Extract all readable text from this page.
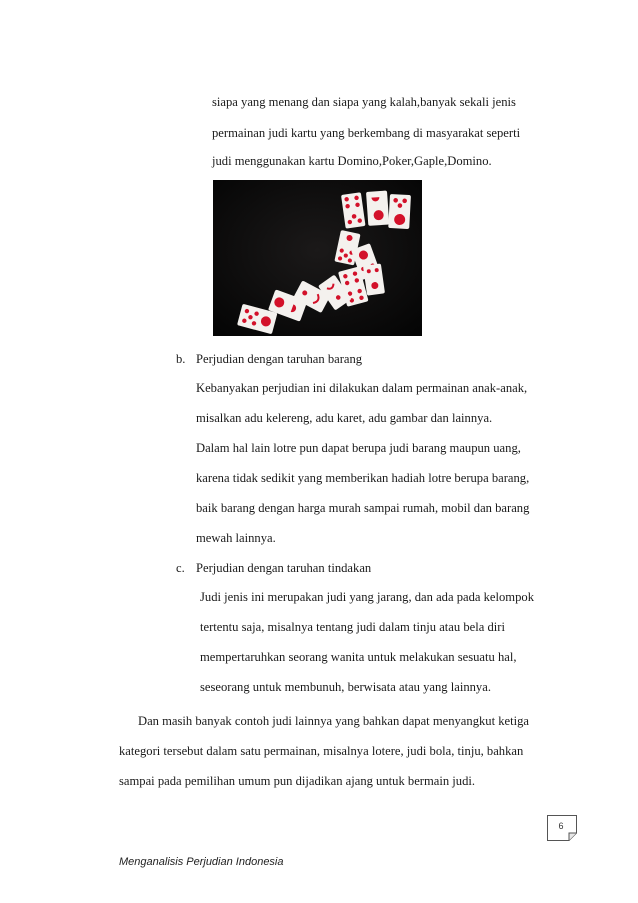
siapa yang menang dan siapa yang kalah,banyak sekali jenis
permainan judi kartu yang berkembang di masyarakat seperti
judi menggunakan kartu Domino,Poker,Gaple,Domino.
b. Perjudian dengan taruhan barang
Kebanyakan perjudian ini dilakukan dalam permainan anak-anak,
misalkan adu kelereng, adu karet, adu gambar dan lainnya.
Dalam hal lain lotre pun dapat berupa judi barang maupun uang,
karena tidak sedikit yang memberikan hadiah lotre berupa barang,
baik barang dengan harga murah sampai rumah, mobil dan barang
mewah lainnya.
c. Perjudian dengan taruhan tindakan
Judi jenis ini merupakan judi yang jarang, dan ada pada kelompok
tertentu saja, misalnya tentang judi dalam tinju atau bela diri
mempertaruhkan seorang wanita untuk melakukan sesuatu hal,
seseorang untuk membunuh, berwisata atau yang lainnya.
Dan masih banyak contoh judi lainnya yang bahkan dapat menyangkut ketiga
kategori tersebut dalam satu permainan, misalnya lotere, judi bola, tinju, bahkan
sampai pada pemilihan umum pun dijadikan ajang untuk bermain judi.
6
Menganalisis Perjudian Indonesia
